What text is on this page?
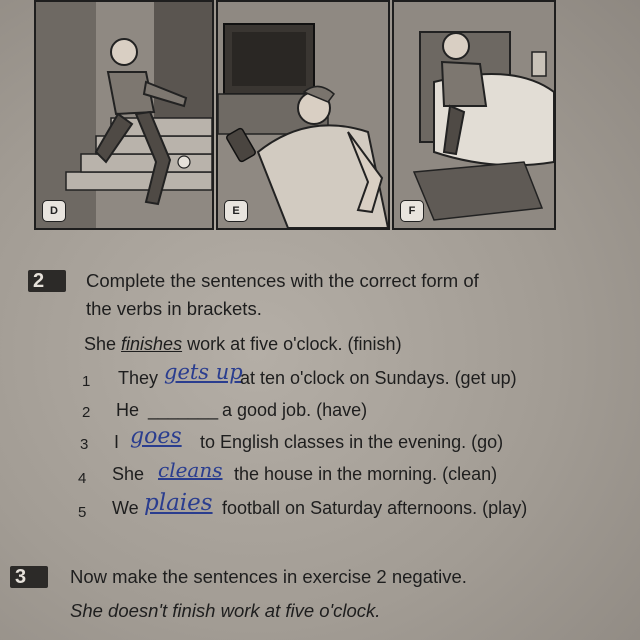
D	E	F
2	Complete the sentences with the correct form of
the verbs in brackets.
She finishes work at five o'clock. (finish)
1 They gets up
at ten o'clock on Sundays. (get up)
2 He _______ a good job. (have)
3 I goes to English classes in the evening. (go)
4 She cleans the house in the morning. (clean)
5 We plaies football on Saturday afternoons. (play)
3	Now make the sentences in exercise 2 negative.
She doesn't finish work at five o'clock.
